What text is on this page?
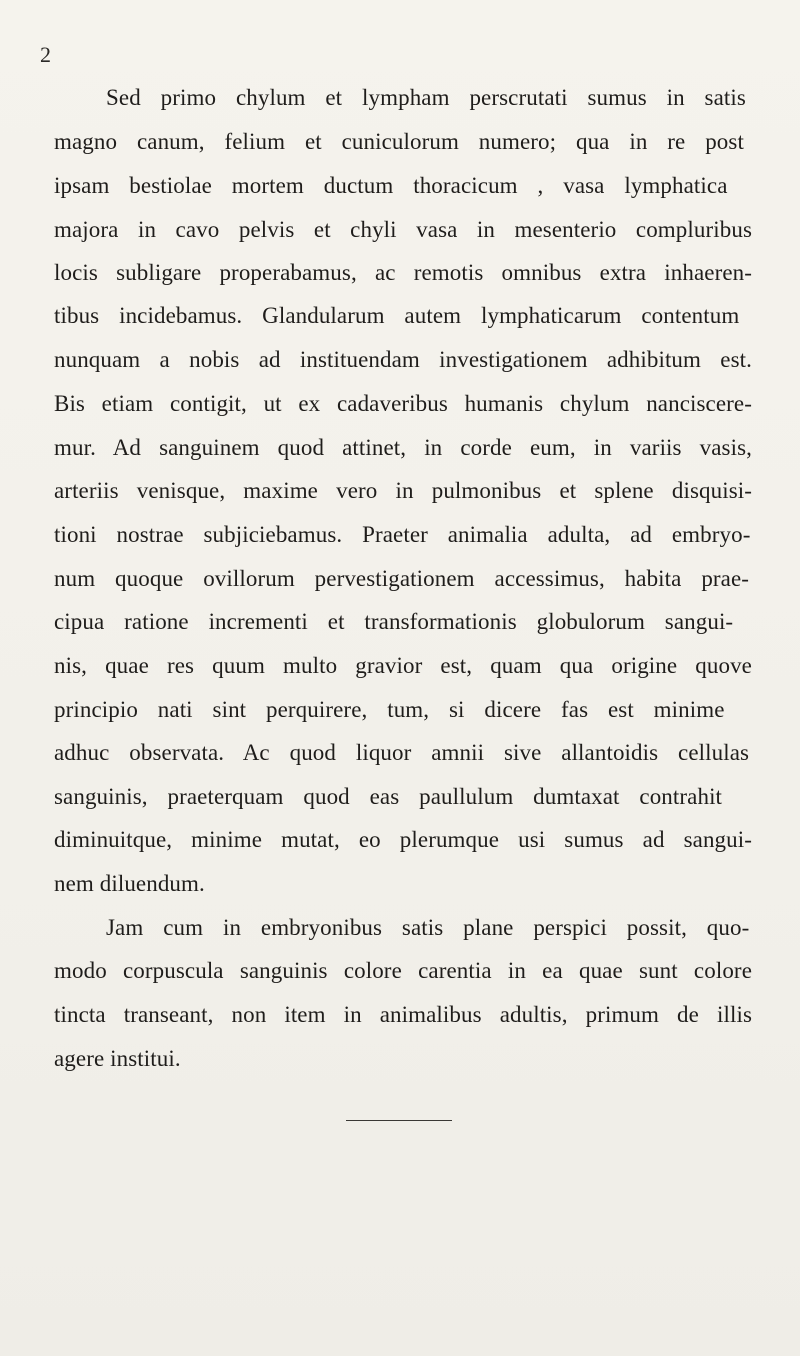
2
Sed primo chylum et lympham perscrutati sumus in satis
magno canum, felium et cuniculorum numero; qua in re post
ipsam bestiolae mortem ductum thoracicum , vasa lymphatica
majora in cavo pelvis et chyli vasa in mesenterio compluribus
locis subligare properabamus, ac remotis omnibus extra inhaeren-
tibus incidebamus. Glandularum autem lymphaticarum contentum
nunquam a nobis ad instituendam investigationem adhibitum est.
Bis etiam contigit, ut ex cadaveribus humanis chylum nanciscere-
mur. Ad sanguinem quod attinet, in corde eum, in variis vasis,
arteriis venisque, maxime vero in pulmonibus et splene disquisi-
tioni nostrae subjiciebamus. Praeter animalia adulta, ad embryo-
num quoque ovillorum pervestigationem accessimus, habita prae-
cipua ratione incrementi et transformationis globulorum sangui-
nis, quae res quum multo gravior est, quam qua origine quove
principio nati sint perquirere, tum, si dicere fas est minime
adhuc observata. Ac quod liquor amnii sive allantoidis cellulas
sanguinis, praeterquam quod eas paullulum dumtaxat contrahit
diminuitque, minime mutat, eo plerumque usi sumus ad sangui-
nem diluendum.
Jam cum in embryonibus satis plane perspici possit, quo-
modo corpuscula sanguinis colore carentia in ea quae sunt colore
tincta transeant, non item in animalibus adultis, primum de illis
agere institui.
